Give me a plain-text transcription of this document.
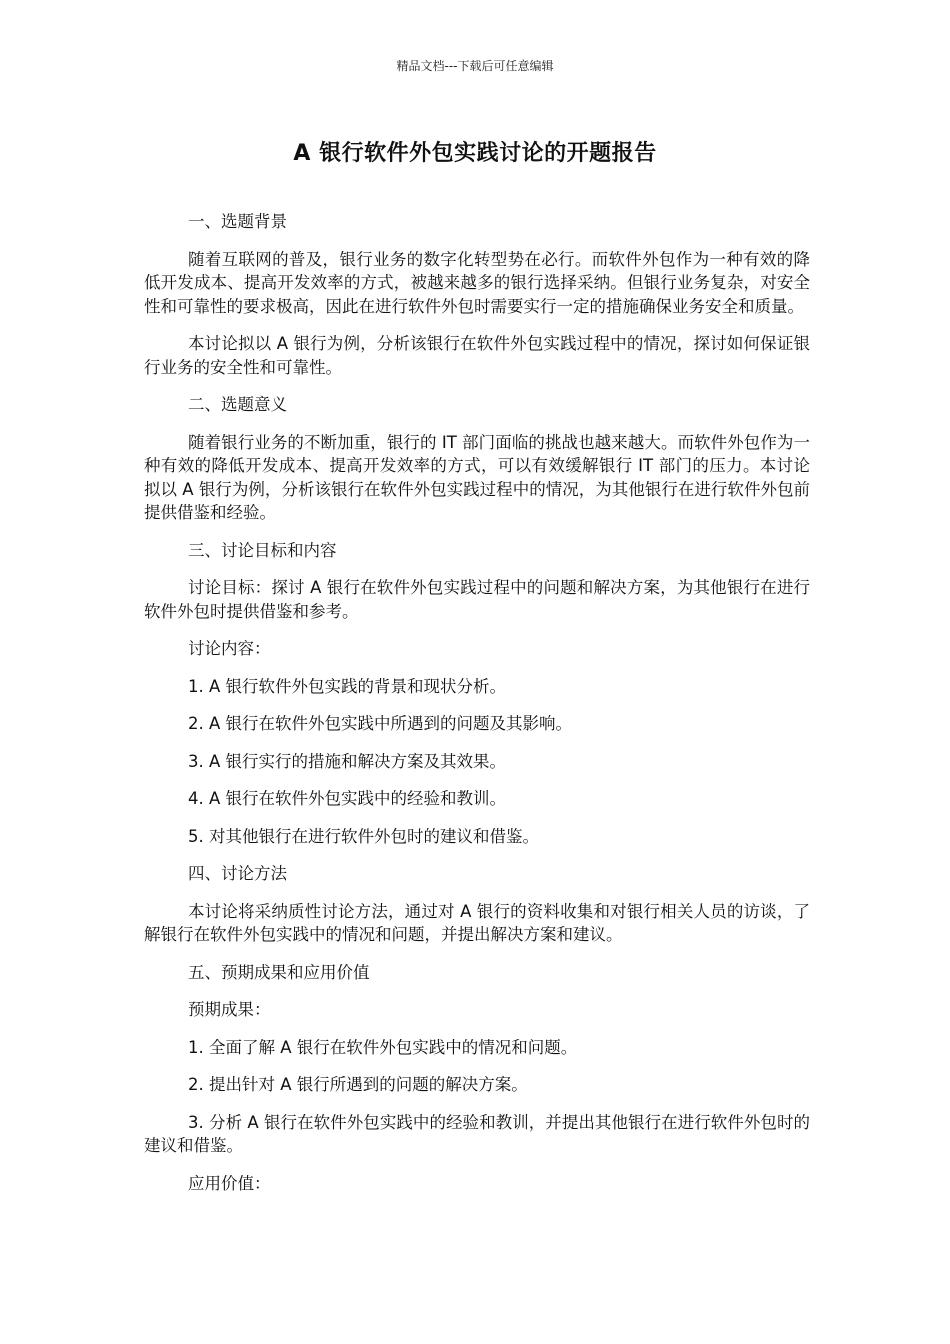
精品文档---下载后可任意编辑
A 银行软件外包实践讨论的开题报告
一、选题背景
随着互联网的普及，银行业务的数字化转型势在必行。而软件外包作为一种有效的降低开发成本、提高开发效率的方式，被越来越多的银行选择采纳。但银行业务复杂，对安全性和可靠性的要求极高，因此在进行软件外包时需要实行一定的措施确保业务安全和质量。
本讨论拟以 A 银行为例，分析该银行在软件外包实践过程中的情况，探讨如何保证银行业务的安全性和可靠性。
二、选题意义
随着银行业务的不断加重，银行的 IT 部门面临的挑战也越来越大。而软件外包作为一种有效的降低开发成本、提高开发效率的方式，可以有效缓解银行 IT 部门的压力。本讨论拟以 A 银行为例，分析该银行在软件外包实践过程中的情况，为其他银行在进行软件外包前提供借鉴和经验。
三、讨论目标和内容
讨论目标：探讨 A 银行在软件外包实践过程中的问题和解决方案，为其他银行在进行软件外包时提供借鉴和参考。
讨论内容：
1. A 银行软件外包实践的背景和现状分析。
2. A 银行在软件外包实践中所遇到的问题及其影响。
3. A 银行实行的措施和解决方案及其效果。
4. A 银行在软件外包实践中的经验和教训。
5. 对其他银行在进行软件外包时的建议和借鉴。
四、讨论方法
本讨论将采纳质性讨论方法，通过对 A 银行的资料收集和对银行相关人员的访谈，了解银行在软件外包实践中的情况和问题，并提出解决方案和建议。
五、预期成果和应用价值
预期成果：
1. 全面了解 A 银行在软件外包实践中的情况和问题。
2. 提出针对 A 银行所遇到的问题的解决方案。
3. 分析 A 银行在软件外包实践中的经验和教训，并提出其他银行在进行软件外包时的建议和借鉴。
应用价值：
